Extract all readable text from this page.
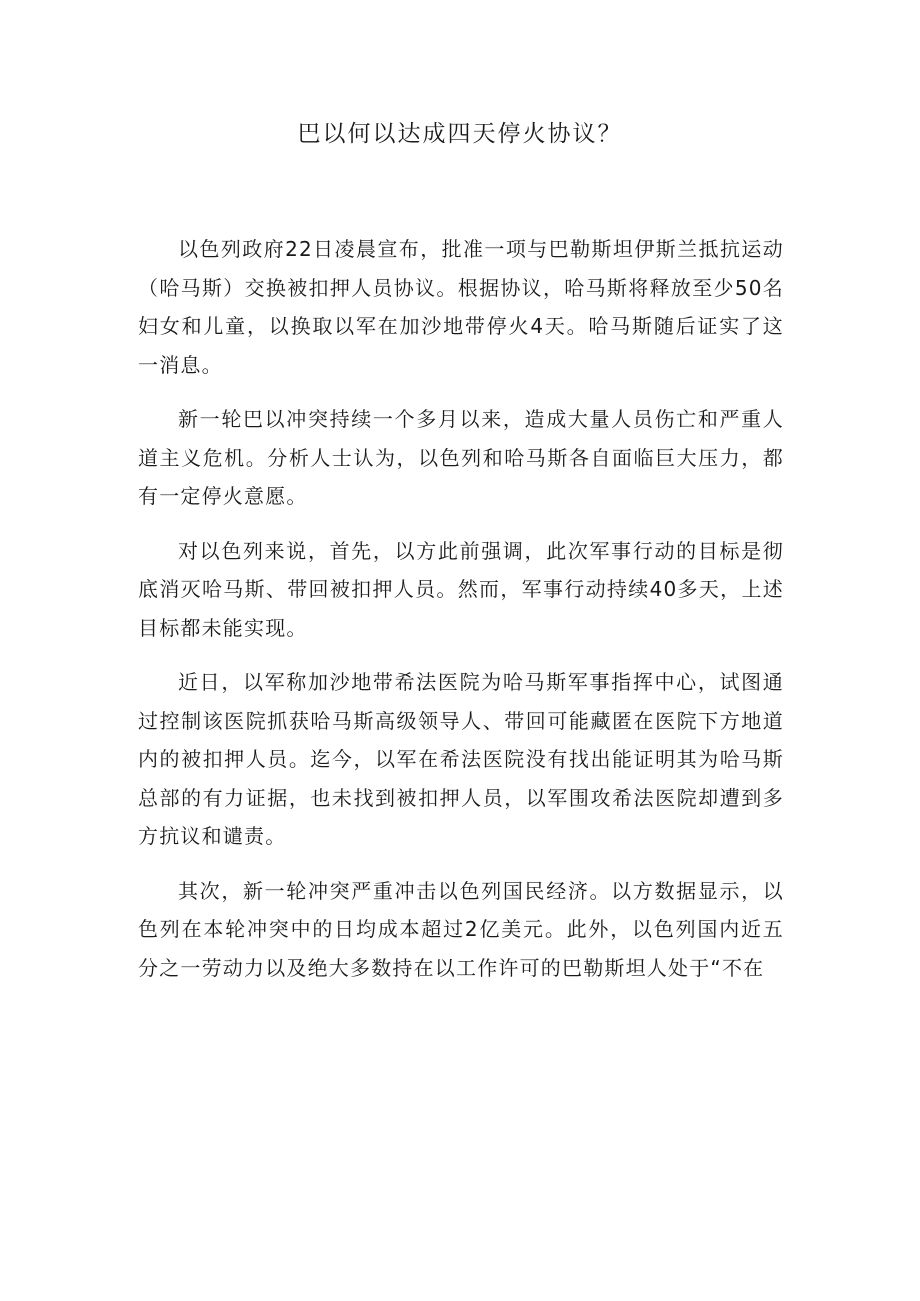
巴以何以达成四天停火协议？

以色列政府22日凌晨宣布，批准一项与巴勒斯坦伊斯兰抵抗运动（哈马斯）交换被扣押人员协议。根据协议，哈马斯将释放至少50名妇女和儿童，以换取以军在加沙地带停火4天。哈马斯随后证实了这一消息。

新一轮巴以冲突持续一个多月以来，造成大量人员伤亡和严重人道主义危机。分析人士认为，以色列和哈马斯各自面临巨大压力，都有一定停火意愿。

对以色列来说，首先，以方此前强调，此次军事行动的目标是彻底消灭哈马斯、带回被扣押人员。然而，军事行动持续40多天，上述目标都未能实现。

近日，以军称加沙地带希法医院为哈马斯军事指挥中心，试图通过控制该医院抓获哈马斯高级领导人、带回可能藏匿在医院下方地道内的被扣押人员。迄今，以军在希法医院没有找出能证明其为哈马斯总部的有力证据，也未找到被扣押人员，以军围攻希法医院却遭到多方抗议和谴责。

其次，新一轮冲突严重冲击以色列国民经济。以方数据显示，以色列在本轮冲突中的日均成本超过2亿美元。此外，以色列国内近五分之一劳动力以及绝大多数持在以工作许可的巴勒斯坦人处于“不在
